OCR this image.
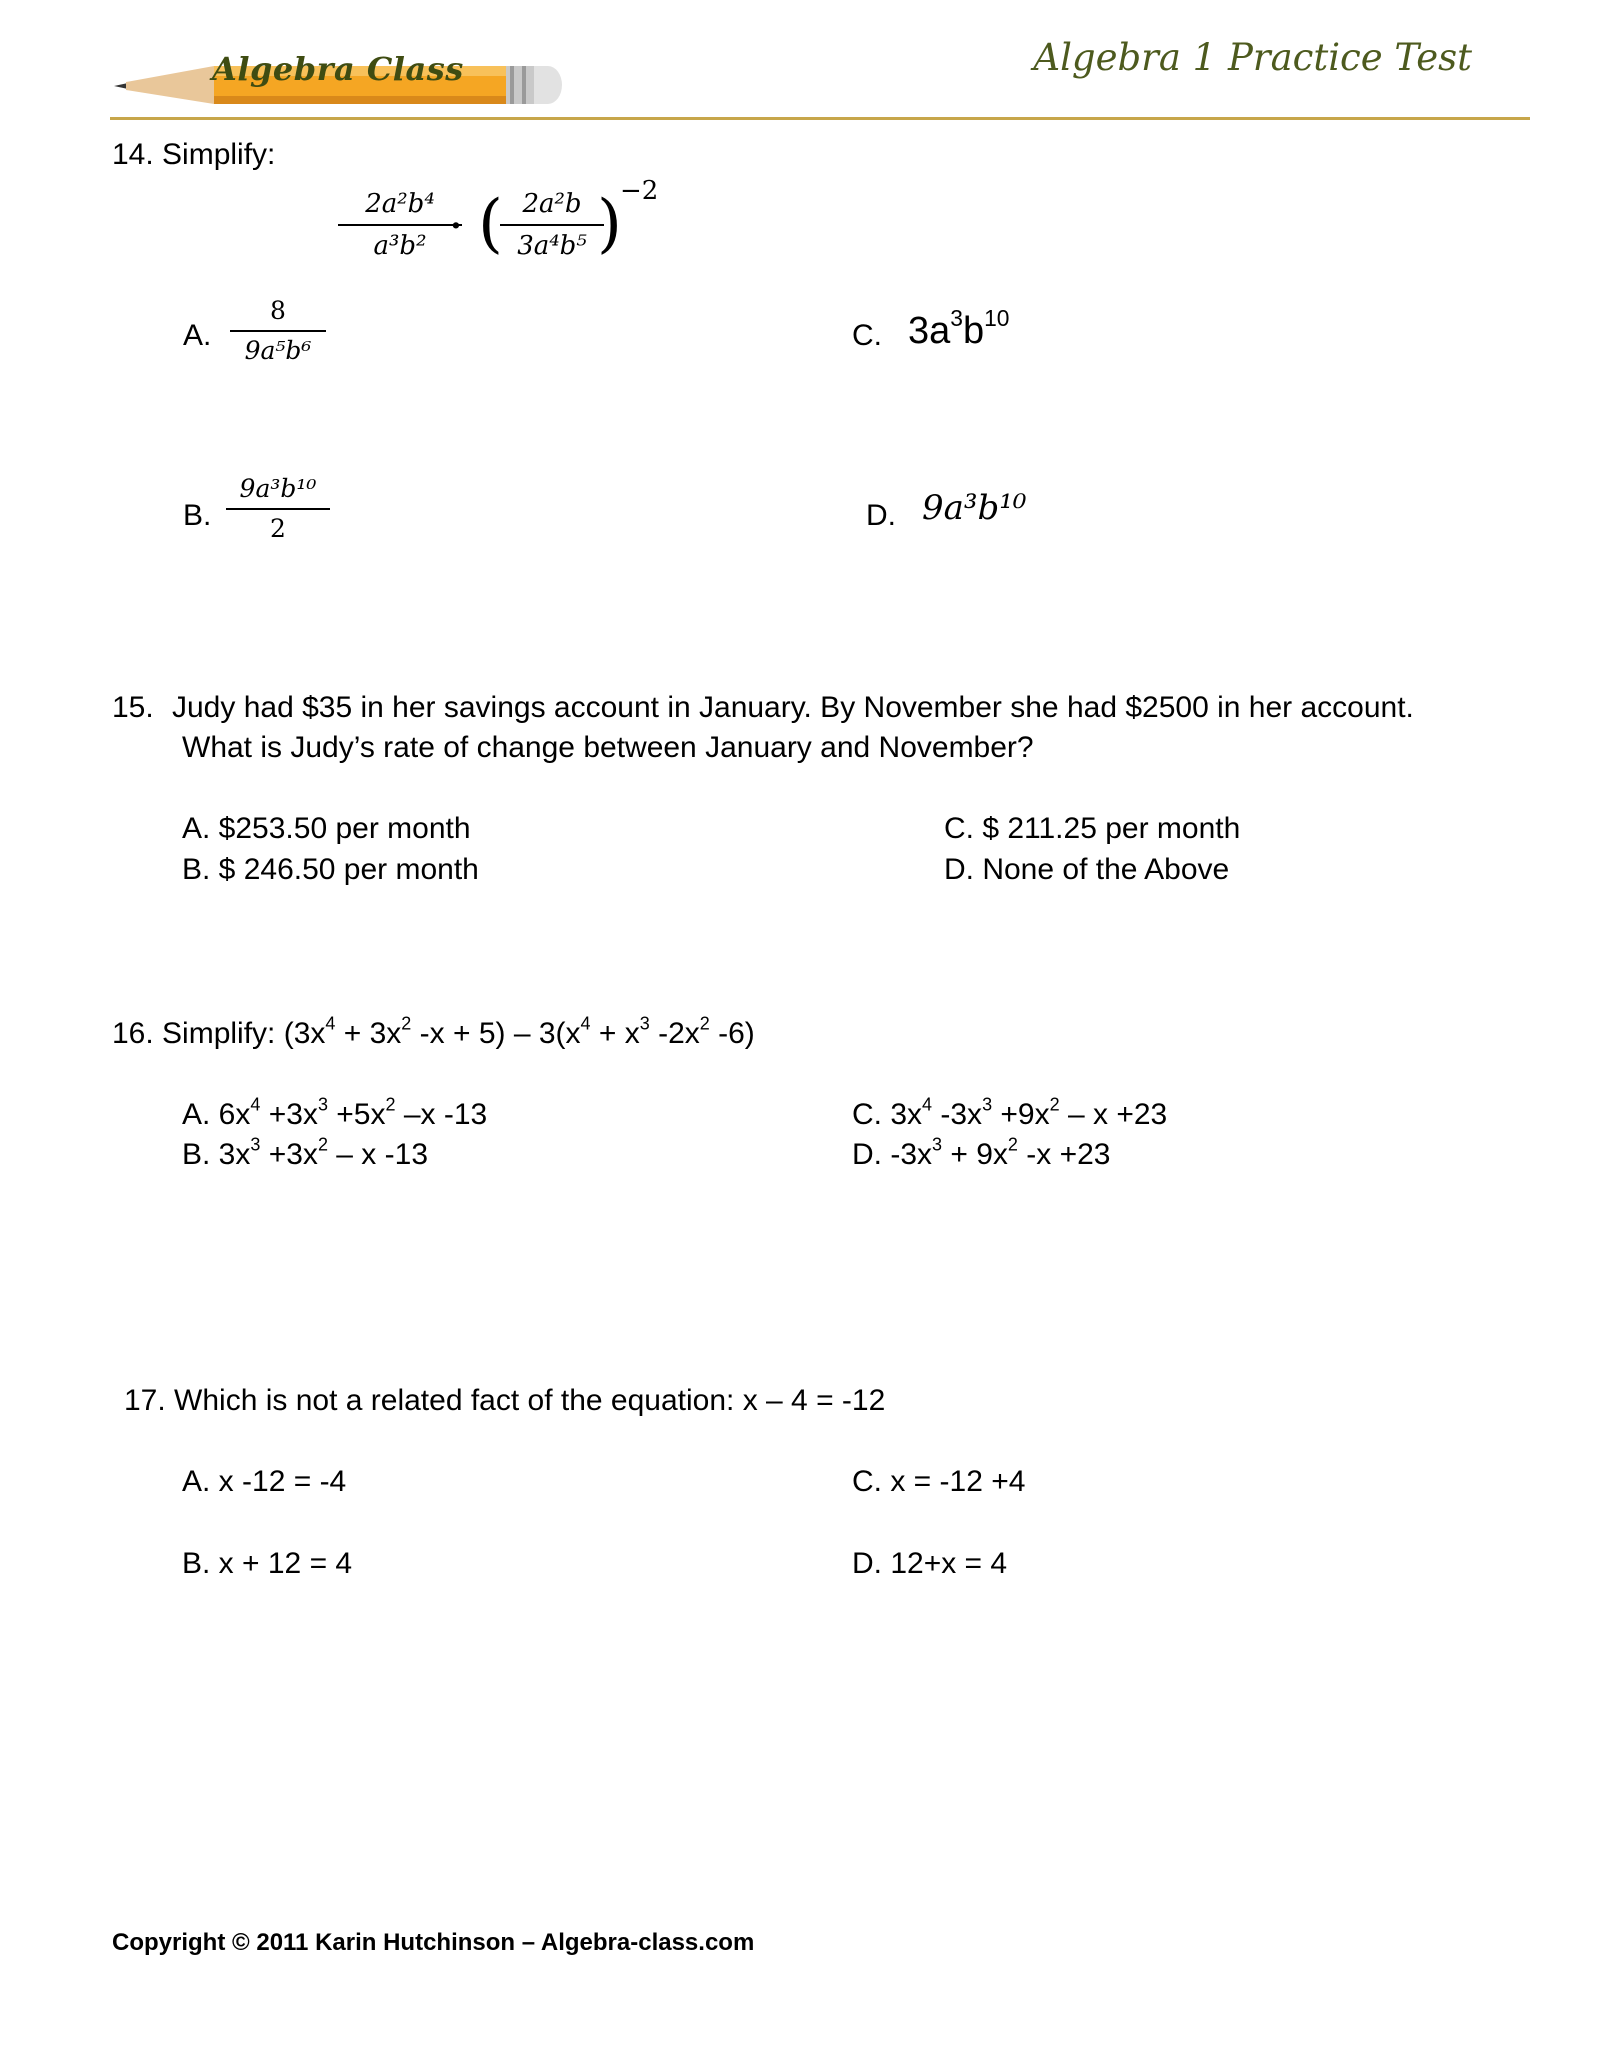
Algebra Class	Algebra 1 Practice Test
14. Simplify:
2a²b⁴
a³b² · ( 2a²b
3a⁴b⁵ )
−2
A.
8
9a⁵b⁶
B.
9a³b¹⁰
2
C. $3a^3b^{10}$
D. 9a³b¹⁰
15. Judy had $35 in her savings account in January. By November she had $2500 in her account.
What is Judy’s rate of change between January and November?
A. $253.50 per month
B. $ 246.50 per month
C. $ 211.25 per month
D. None of the Above
16. Simplify: ($3x^4 + 3x^2$ $-x + 5) - 3(x^4 + x^3$ $-2x^2$ -6)
A. $6x^4 +3x^3 +5x^2$ –x -13
B. $3x^3 +3x^2 - x$ -13
C. $3x^4$ $-3x^3 +9x^2 - x +23$
D. $-3x^3 + 9x^2$ -x +23
17. Which is not a related fact of the equation: x – 4 = -12
A. x -12 = -4
B. x + 12 = 4
C. x = -12 +4
D. 12+x = 4
Copyright © 2011 Karin Hutchinson – Algebra-class.com
